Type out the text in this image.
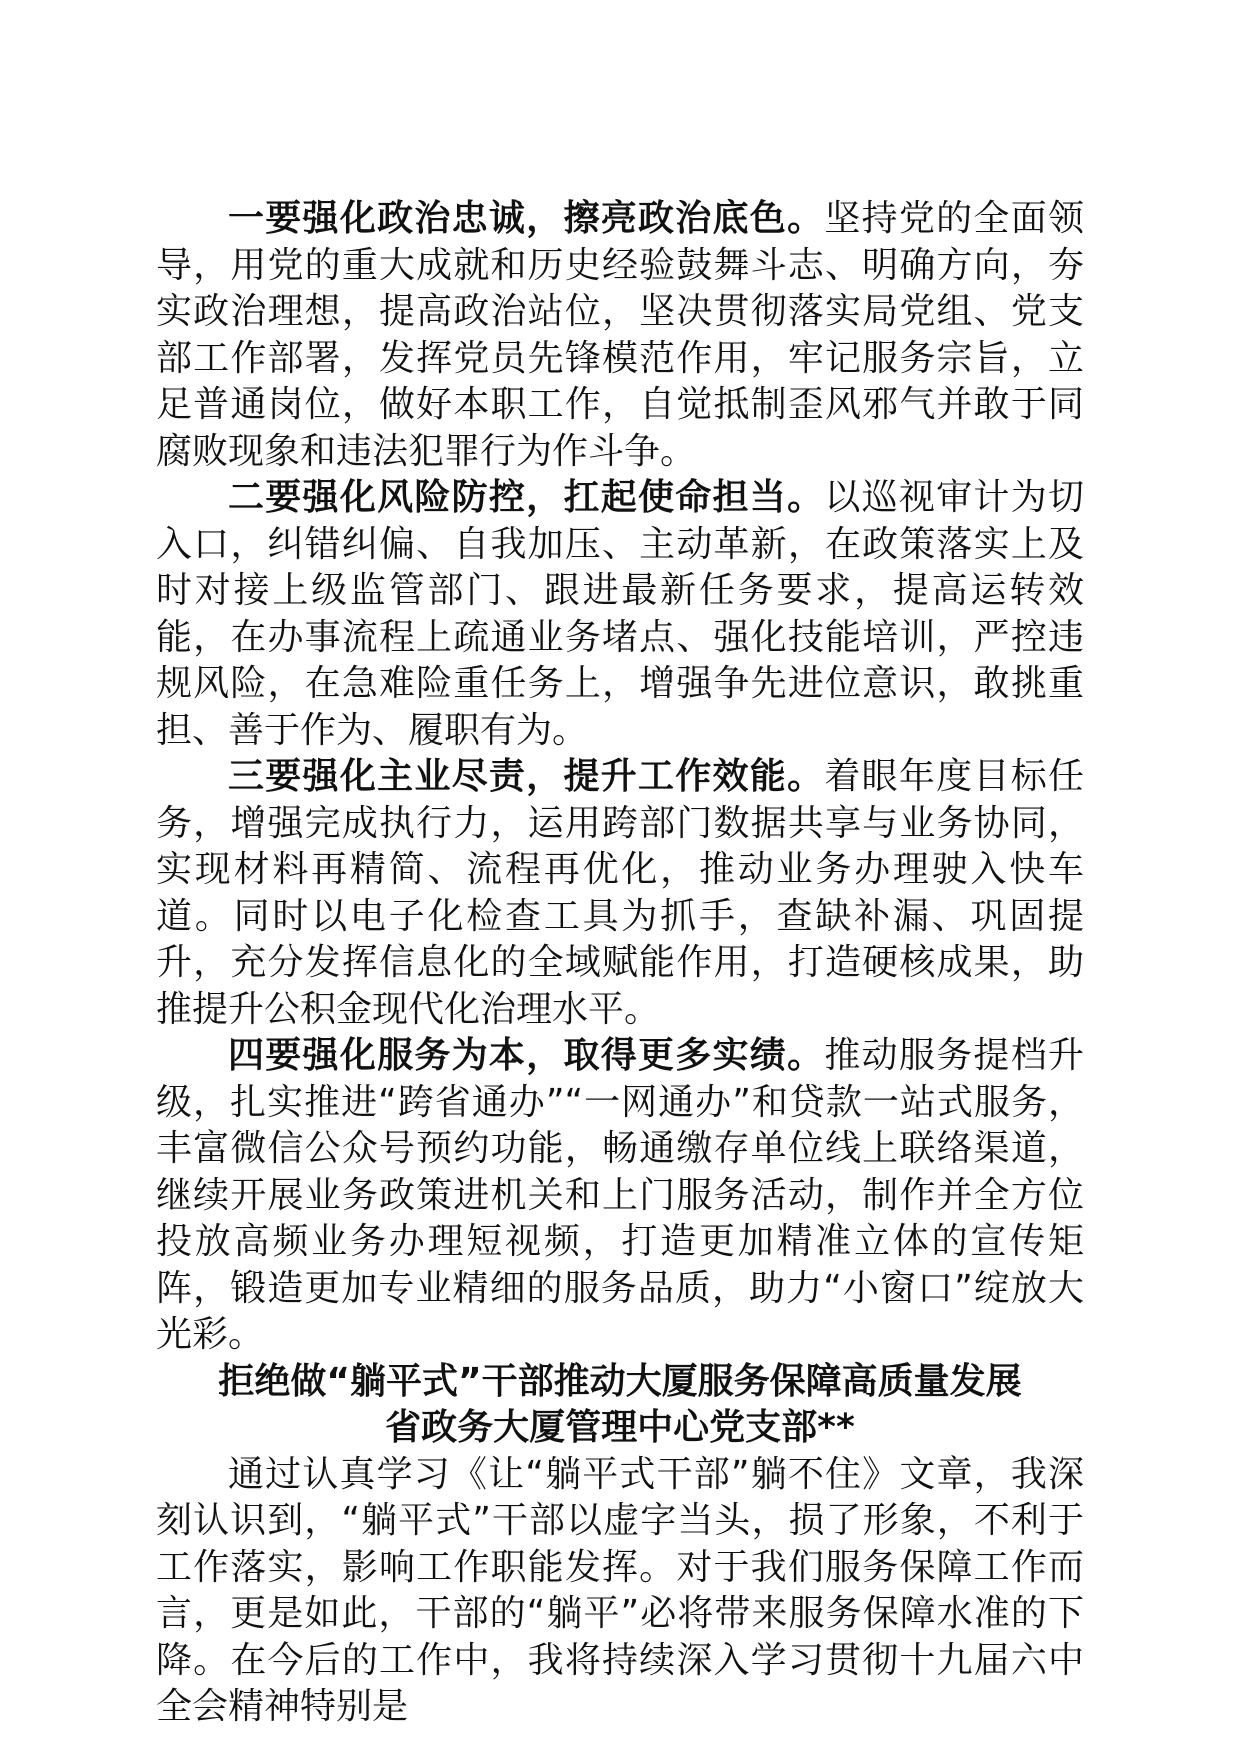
一要强化政治忠诚，擦亮政治底色。坚持党的全面领导，用党的重大成就和历史经验鼓舞斗志、明确方向，夯实政治理想，提高政治站位，坚决贯彻落实局党组、党支部工作部署，发挥党员先锋模范作用，牢记服务宗旨，立足普通岗位，做好本职工作，自觉抵制歪风邪气并敢于同腐败现象和违法犯罪行为作斗争。

二要强化风险防控，扛起使命担当。以巡视审计为切入口，纠错纠偏、自我加压、主动革新，在政策落实上及时对接上级监管部门、跟进最新任务要求，提高运转效能，在办事流程上疏通业务堵点、强化技能培训，严控违规风险，在急难险重任务上，增强争先进位意识，敢挑重担、善于作为、履职有为。

三要强化主业尽责，提升工作效能。着眼年度目标任务，增强完成执行力，运用跨部门数据共享与业务协同，实现材料再精简、流程再优化，推动业务办理驶入快车道。同时以电子化检查工具为抓手，查缺补漏、巩固提升，充分发挥信息化的全域赋能作用，打造硬核成果，助推提升公积金现代化治理水平。

四要强化服务为本，取得更多实绩。推动服务提档升级，扎实推进“跨省通办”“一网通办”和贷款一站式服务，丰富微信公众号预约功能，畅通缴存单位线上联络渠道，继续开展业务政策进机关和上门服务活动，制作并全方位投放高频业务办理短视频，打造更加精准立体的宣传矩阵，锻造更加专业精细的服务品质，助力“小窗口”绽放大光彩。

拒绝做“躺平式”干部推动大厦服务保障高质量发展

省政务大厦管理中心党支部**

通过认真学习《让“躺平式干部”躺不住》文章，我深刻认识到，“躺平式”干部以虚字当头，损了形象，不利于工作落实，影响工作职能发挥。对于我们服务保障工作而言，更是如此，干部的“躺平”必将带来服务保障水准的下降。在今后的工作中，我将持续深入学习贯彻十九届六中全会精神特别是
